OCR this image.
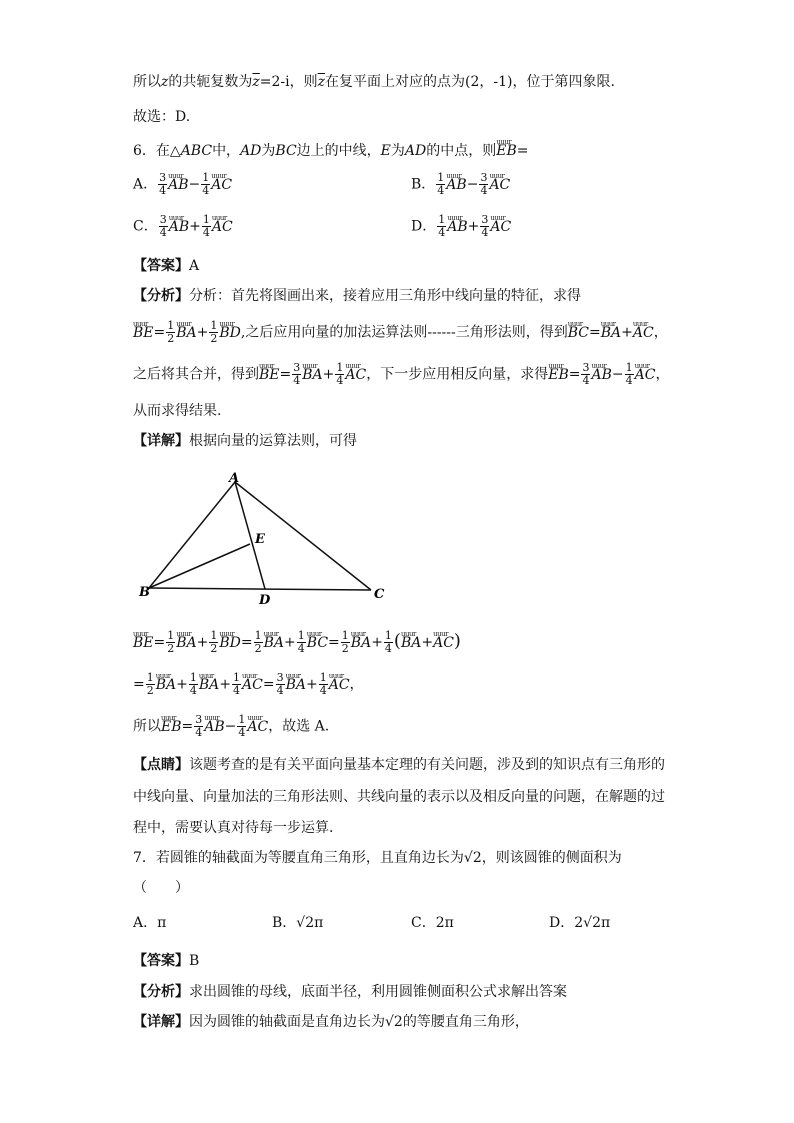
所以z的共轭复数为$\overline{z}=2-i$，则$\overline{z}$在复平面上对应的点为(2，-1)，位于第四象限.
故选：D.
6．在△ABC中，AD为BC边上的中线，E为AD的中点，则uuur EB=
A． $\frac{3}{4}$ uuur $AB- \frac{1}{4}$ uuur AC	B． $\frac{1}{4}$ uuur $AB- \frac{3}{4}$ uuur AC
C． $\frac{3}{4}$ uuur $AB+ \frac{1}{4}$ uuur AC	D． $\frac{1}{4}$ uuur $AB+ \frac{3}{4}$ uuur AC
【答案】A
【分析】分析：首先将图画出来，接着应用三角形中线向量的特征，求得
uuur $BE= \frac{1}{2}$ uuur $BA+ \frac{1}{2}$ uuur BD,之后应用向量的加法运算法则------三角形法则，得到uuur BC=uuur BA+uuur AC，
之后将其合并，得到uuur $BE= \frac{3}{4}$ uuur $BA+ \frac{1}{4}$ uuur AC，下一步应用相反向量，求得uuur $EB= \frac{3}{4}$ uuur $AB- \frac{1}{4}$ uuur AC，
从而求得结果.
【详解】根据向量的运算法则，可得
A
E
B
D	C
uuur $BE= \frac{1}{2}$ uuur $BA+ \frac{1}{2}$ uuur $BD= \frac{1}{2}$ uuur $BA+ \frac{1}{4}$ uuur $BC= \frac{1}{2}$ uuur $BA+ \frac{1}{4}$ (uuur BA+uuur AC)
= $\frac{1}{2}$ uuur $BA+ \frac{1}{4}$ uuur $BA+ \frac{1}{4}$ uuur $AC= \frac{3}{4}$ uuur $BA+ \frac{1}{4}$ uuur AC，
所以uuur $EB= \frac{3}{4}$ uuur $AB- \frac{1}{4}$ uuur AC，故选 A.
【点睛】该题考查的是有关平面向量基本定理的有关问题，涉及到的知识点有三角形的
中线向量、向量加法的三角形法则、共线向量的表示以及相反向量的问题，在解题的过
程中，需要认真对待每一步运算.
7．若圆锥的轴截面为等腰直角三角形，且直角边长为√2，则该圆锥的侧面积为
（　　）
A．π	B．√2π	C．2π	D．2√2π
【答案】B
【分析】求出圆锥的母线，底面半径，利用圆锥侧面积公式求解出答案
【详解】因为圆锥的轴截面是直角边长为√2的等腰直角三角形，
